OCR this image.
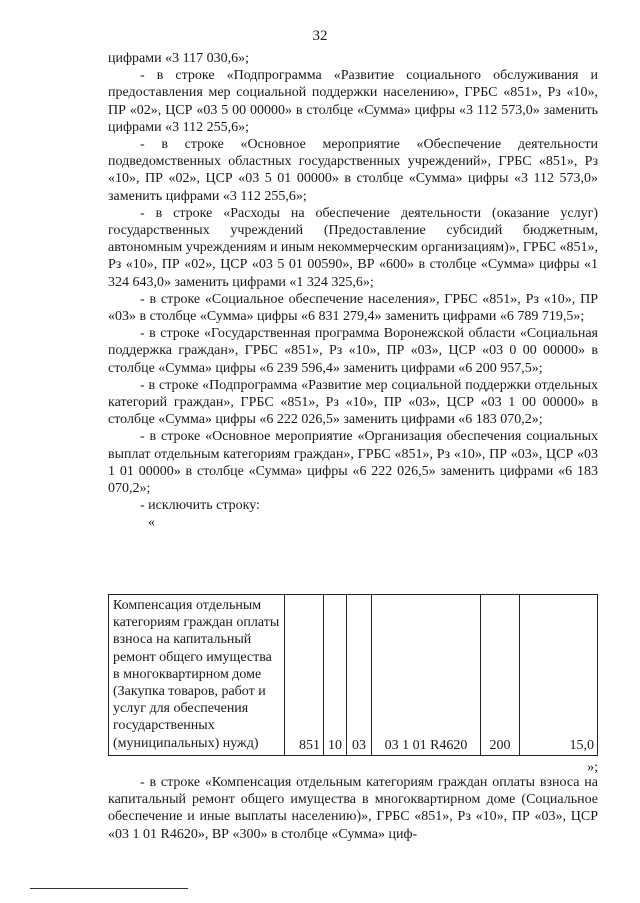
32

цифрами «3 117 030,6»;

- в строке «Подпрограмма «Развитие социального обслуживания и предоставления мер социальной поддержки населению», ГРБС «851», Рз «10», ПР «02», ЦСР «03 5 00 00000» в столбце «Сумма» цифры «3 112 573,0» заменить цифрами «3 112 255,6»;

- в строке «Основное мероприятие «Обеспечение деятельности подведомственных областных государственных учреждений», ГРБС «851», Рз «10», ПР «02», ЦСР «03 5 01 00000» в столбце «Сумма» цифры «3 112 573,0» заменить цифрами «3 112 255,6»;

- в строке «Расходы на обеспечение деятельности (оказание услуг) государственных учреждений (Предоставление субсидий бюджетным, автономным учреждениям и иным некоммерческим организациям)», ГРБС «851», Рз «10», ПР «02», ЦСР «03 5 01 00590», ВР «600» в столбце «Сумма» цифры «1 324 643,0» заменить цифрами «1 324 325,6»;

- в строке «Социальное обеспечение населения», ГРБС «851», Рз «10», ПР «03» в столбце «Сумма» цифры «6 831 279,4» заменить цифрами «6 789 719,5»;

- в строке «Государственная программа Воронежской области «Социальная поддержка граждан», ГРБС «851», Рз «10», ПР «03», ЦСР «03 0 00 00000» в столбце «Сумма» цифры «6 239 596,4» заменить цифрами «6 200 957,5»;

- в строке «Подпрограмма «Развитие мер социальной поддержки отдельных категорий граждан», ГРБС «851», Рз «10», ПР «03», ЦСР «03 1 00 00000» в столбце «Сумма» цифры «6 222 026,5» заменить цифрами «6 183 070,2»;

- в строке «Основное мероприятие «Организация обеспечения социальных выплат отдельным категориям граждан», ГРБС «851», Рз «10», ПР «03», ЦСР «03 1 01 00000» в столбце «Сумма» цифры «6 222 026,5» заменить цифрами «6 183 070,2»;

- исключить строку:

«

Компенсация отдельным категориям граждан оплаты взноса на капитальный ремонт общего имущества в многоквартирном доме (Закупка товаров, работ и услуг для обеспечения государственных (муниципальных) нужд)	851	10	03	03 1 01 R4620	200	15,0
»;

- в строке «Компенсация отдельным категориям граждан оплаты взноса на капитальный ремонт общего имущества в многоквартирном доме (Социальное обеспечение и иные выплаты населению)», ГРБС «851», Рз «10», ПР «03», ЦСР «03 1 01 R4620», ВР «300» в столбце «Сумма» циф-
